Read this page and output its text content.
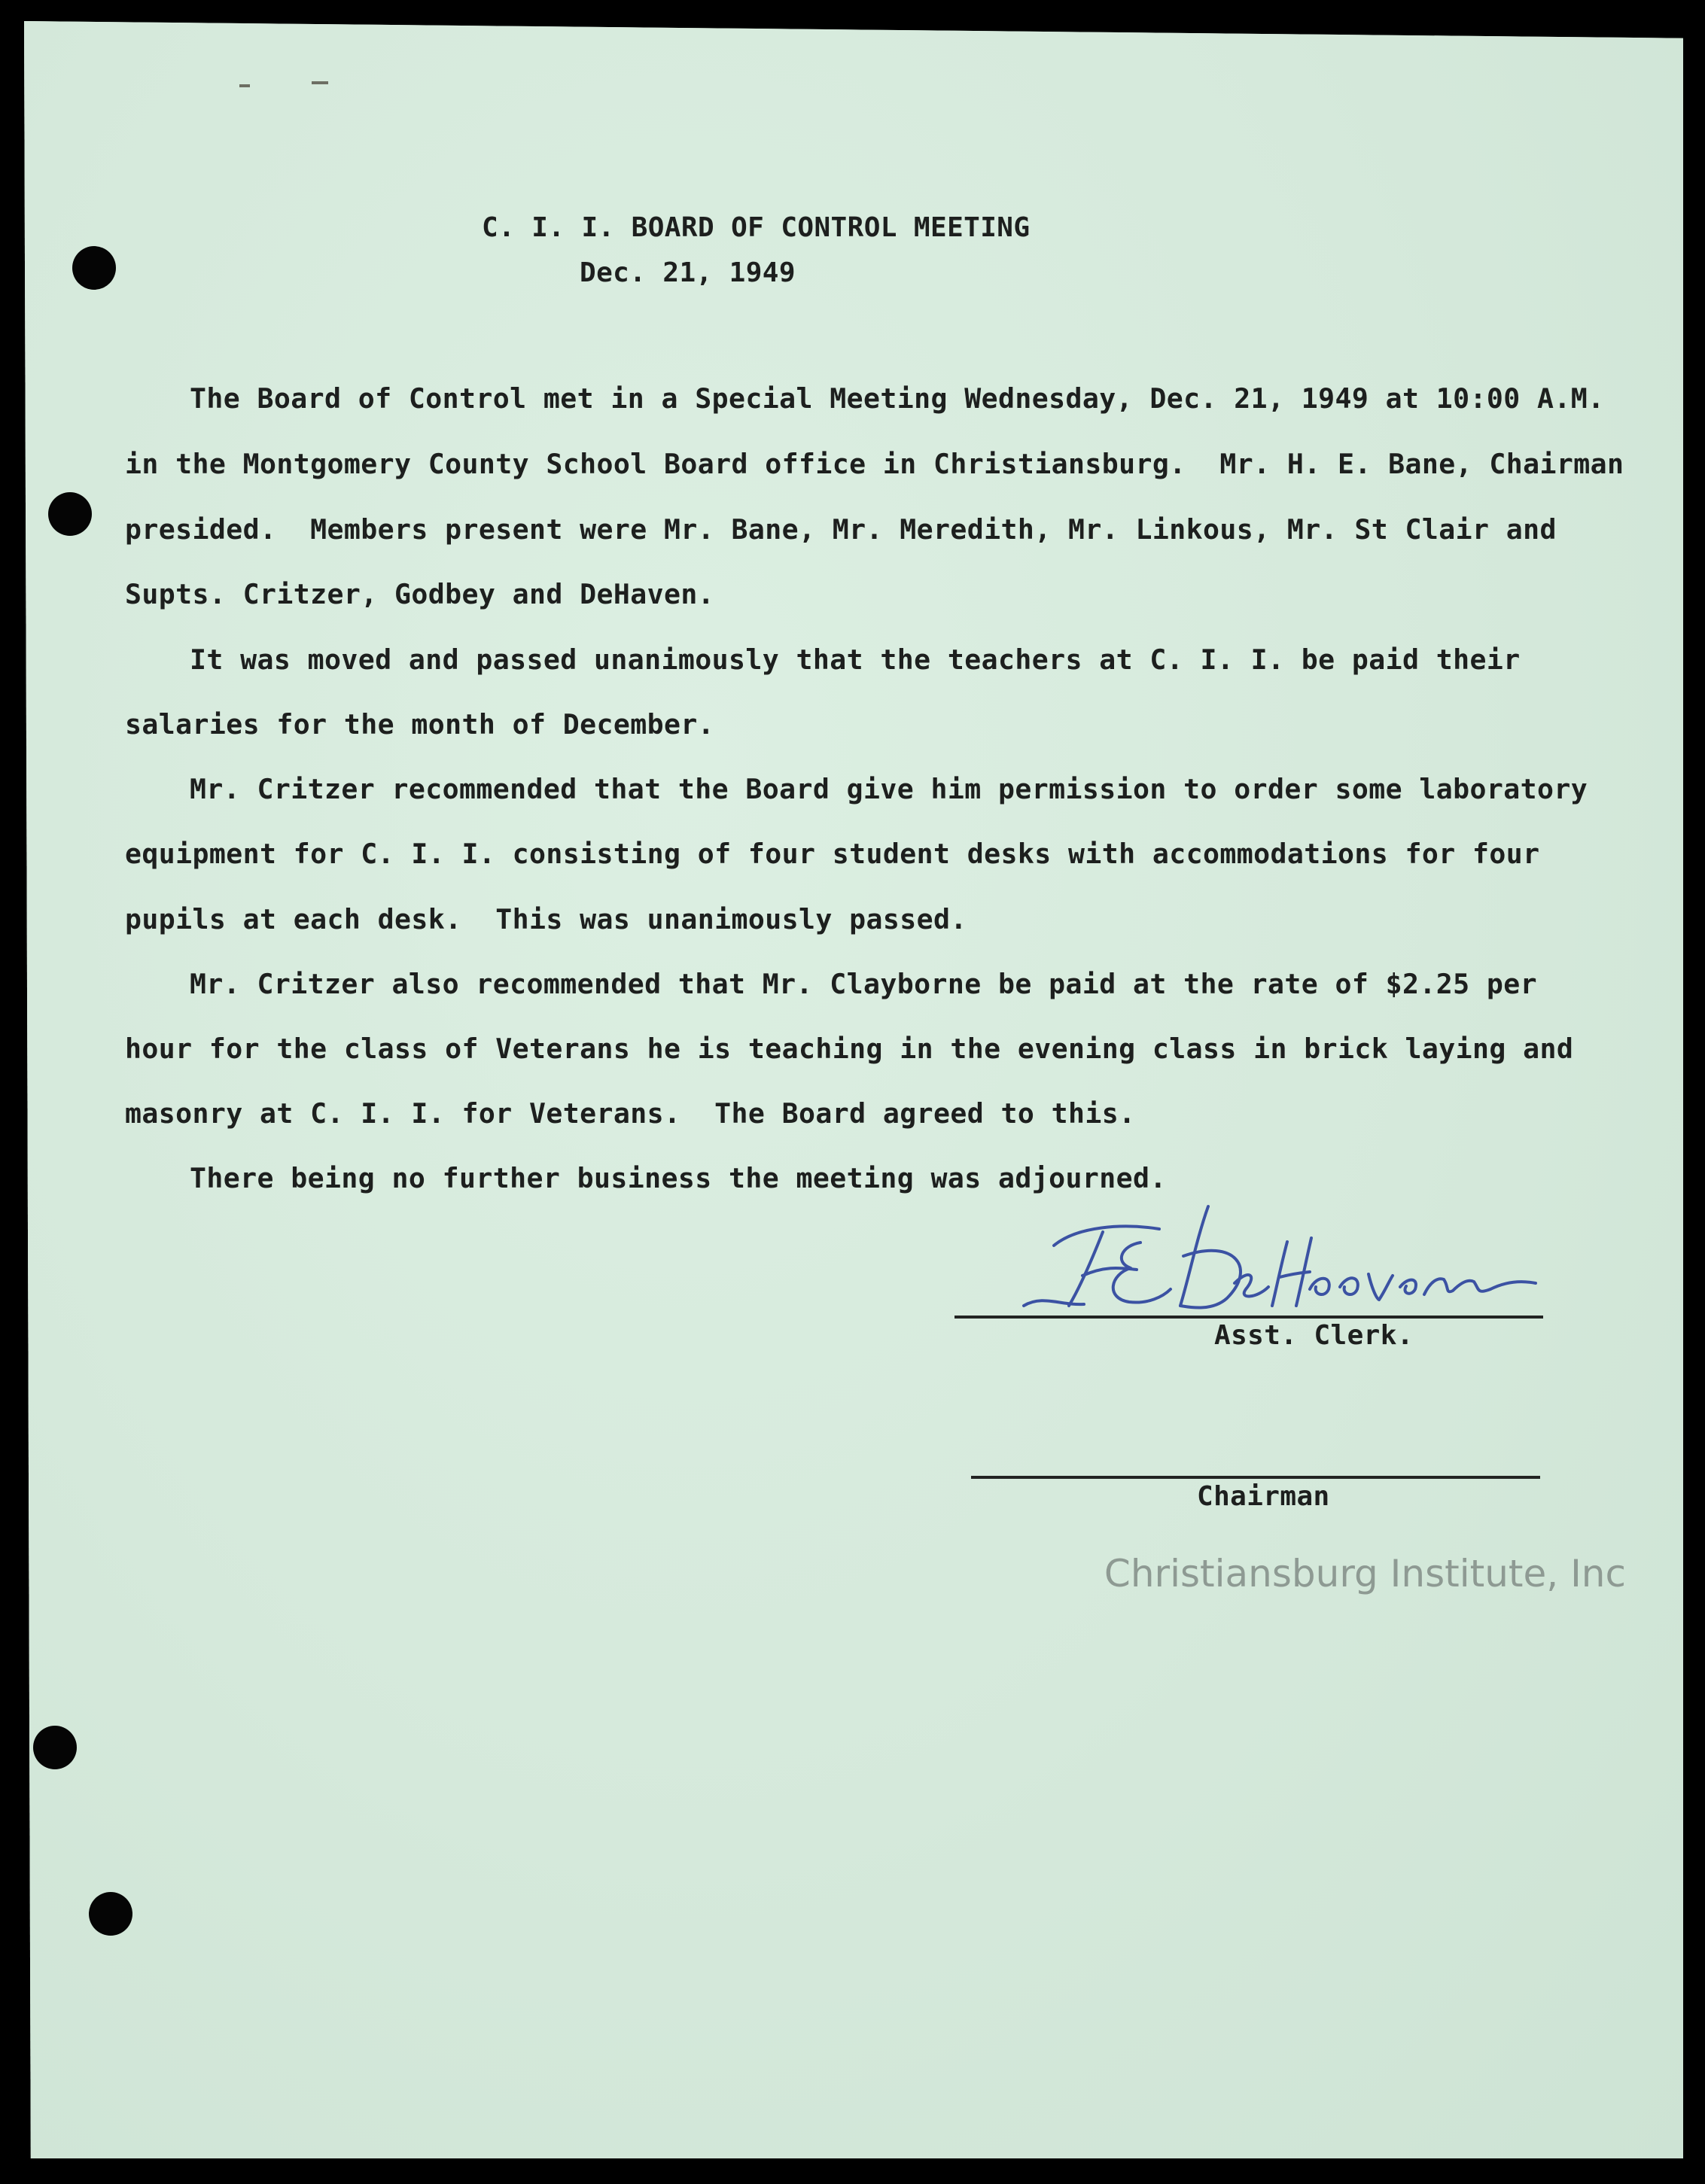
C. I. I. BOARD OF CONTROL MEETING
Dec. 21, 1949
The Board of Control met in a Special Meeting Wednesday, Dec. 21, 1949 at 10:00 A.M.
in the Montgomery County School Board office in Christiansburg.  Mr. H. E. Bane, Chairman
presided.  Members present were Mr. Bane, Mr. Meredith, Mr. Linkous, Mr. St Clair and
Supts. Critzer, Godbey and DeHaven.
It was moved and passed unanimously that the teachers at C. I. I. be paid their
salaries for the month of December.
Mr. Critzer recommended that the Board give him permission to order some laboratory
equipment for C. I. I. consisting of four student desks with accommodations for four
pupils at each desk.  This was unanimously passed.
Mr. Critzer also recommended that Mr. Clayborne be paid at the rate of $2.25 per
hour for the class of Veterans he is teaching in the evening class in brick laying and
masonry at C. I. I. for Veterans.  The Board agreed to this.
There being no further business the meeting was adjourned.
Asst. Clerk.
Chairman
Christiansburg Institute, Inc
